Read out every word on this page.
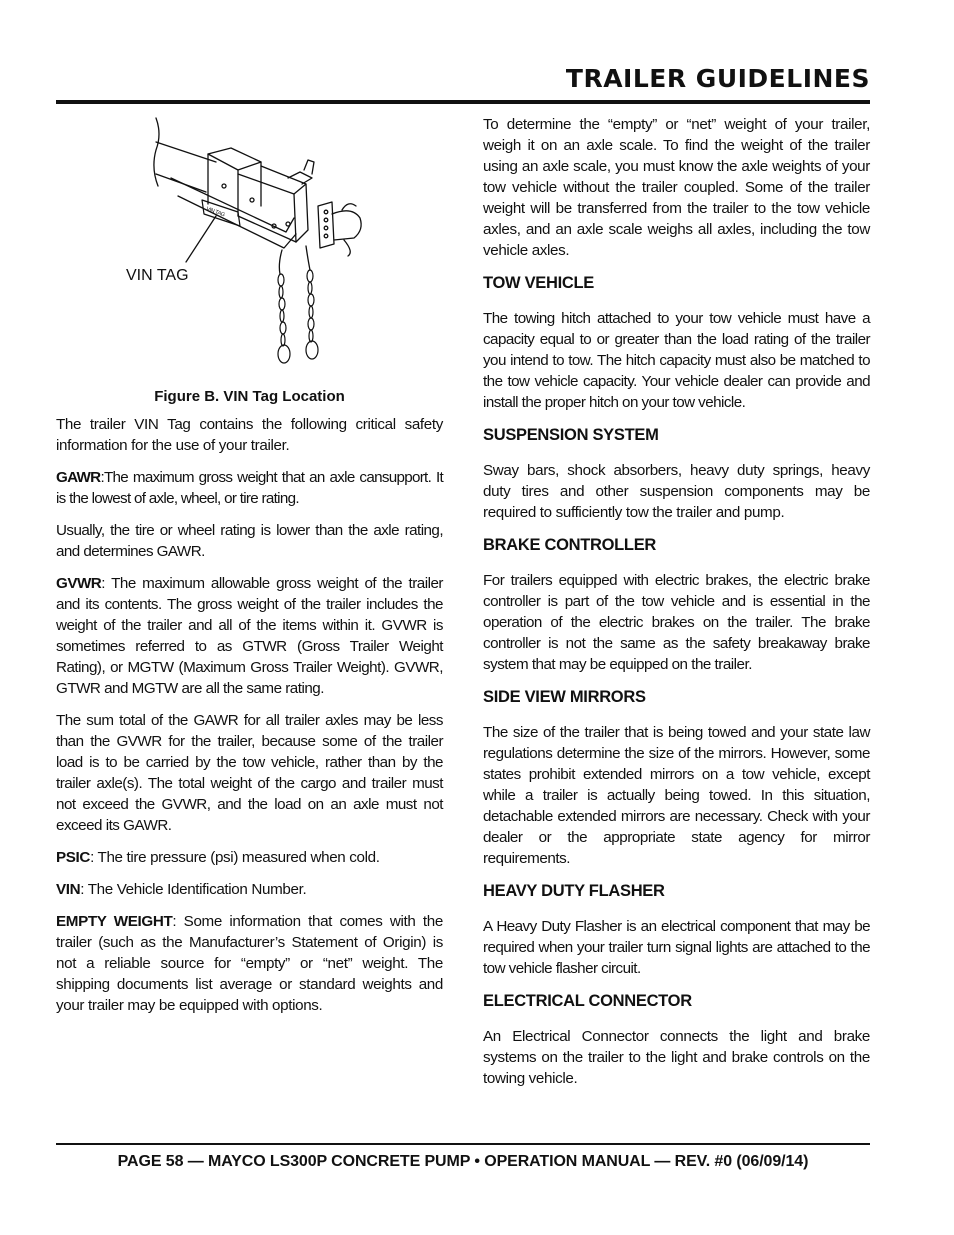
TRAILER GUIDELINES
VIN TAG
VIN TAG
Figure B. VIN Tag Location

The trailer VIN Tag contains the following critical safety information for the use of your trailer.

GAWR:The maximum gross weight that an axle cansupport. It is the lowest of axle, wheel, or tire rating.

Usually, the tire or wheel rating is lower than the axle rating, and determines GAWR.

GVWR: The maximum allowable gross weight of the trailer and its contents. The gross weight of the trailer includes the weight of the trailer and all of the items within it. GVWR is sometimes referred to as GTWR (Gross Trailer Weight Rating), or MGTW (Maximum Gross Trailer Weight). GVWR, GTWR and MGTW are all the same rating.

The sum total of the GAWR for all trailer axles may be less than the GVWR for the trailer, because some of the trailer load is to be carried by the tow vehicle, rather than by the trailer axle(s). The total weight of the cargo and trailer must not exceed the GVWR, and the load on an axle must not exceed its GAWR.

PSIC: The tire pressure (psi) measured when cold.

VIN: The Vehicle Identification Number.

EMPTY WEIGHT: Some information that comes with the trailer (such as the Manufacturer’s Statement of Origin) is not a reliable source for “empty” or “net” weight. The shipping documents list average or standard weights and your trailer may be equipped with options.

To determine the “empty” or “net” weight of your trailer, weigh it on an axle scale. To find the weight of the trailer using an axle scale, you must know the axle weights of your tow vehicle without the trailer coupled. Some of the trailer weight will be transferred from the trailer to the tow vehicle axles, and an axle scale weighs all axles, including the tow vehicle axles.

TOW VEHICLE

The towing hitch attached to your tow vehicle must have a capacity equal to or greater than the load rating of the trailer you intend to tow. The hitch capacity must also be matched to the tow vehicle capacity. Your vehicle dealer can provide and install the proper hitch on your tow vehicle.

SUSPENSION SYSTEM

Sway bars, shock absorbers, heavy duty springs, heavy duty tires and other suspension components may be required to sufficiently tow the trailer and pump.

BRAKE CONTROLLER

For trailers equipped with electric brakes, the electric brake controller is part of the tow vehicle and is essential in the operation of the electric brakes on the trailer. The brake controller is not the same as the safety breakaway brake system that may be equipped on the trailer.

SIDE VIEW MIRRORS

The size of the trailer that is being towed and your state law regulations determine the size of the mirrors. However, some states prohibit extended mirrors on a tow vehicle, except while a trailer is actually being towed. In this situation, detachable extended mirrors are necessary. Check with your dealer or the appropriate state agency for mirror requirements.

HEAVY DUTY FLASHER

A Heavy Duty Flasher is an electrical component that may be required when your trailer turn signal lights are attached to the tow vehicle flasher circuit.

ELECTRICAL CONNECTOR

An Electrical Connector connects the light and brake systems on the trailer to the light and brake controls on the towing vehicle.

PAGE 58 — MAYCO LS300P CONCRETE PUMP • OPERATION MANUAL — REV. #0 (06/09/14)
